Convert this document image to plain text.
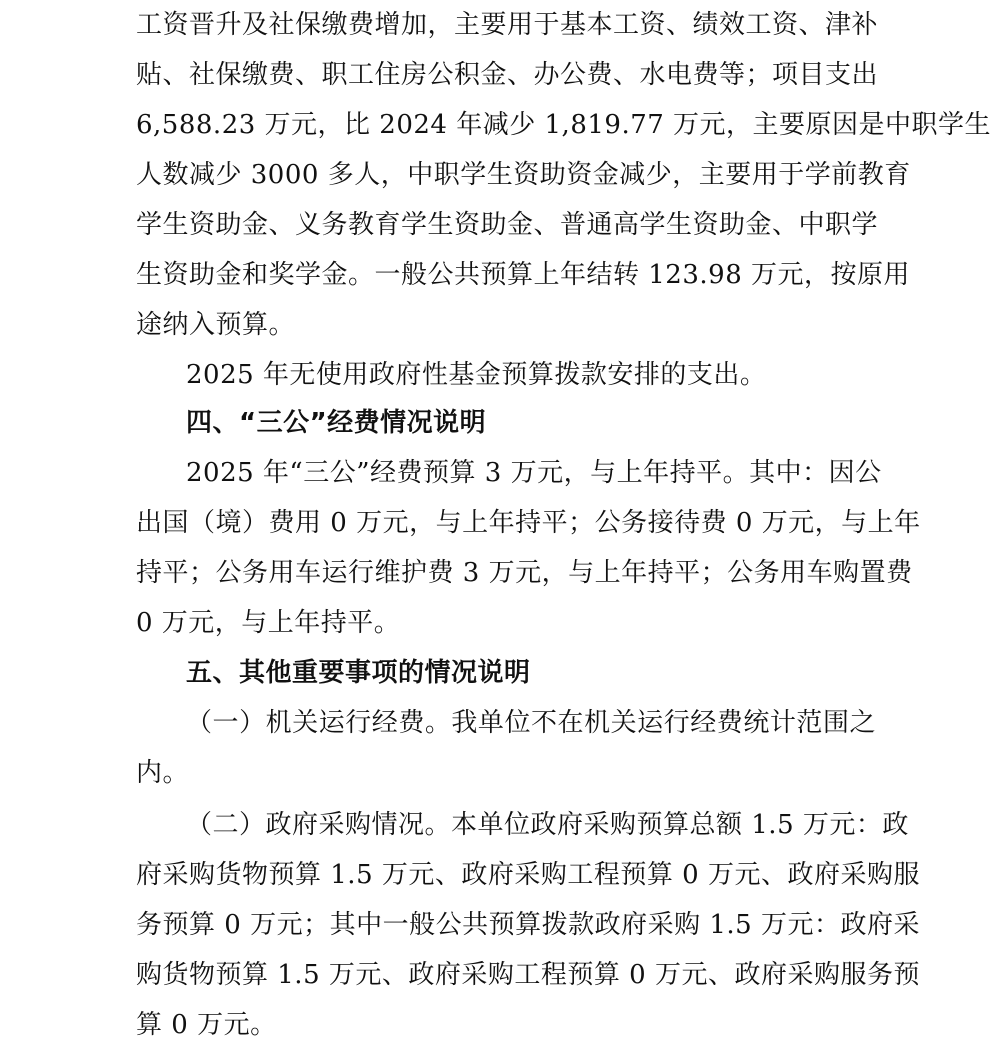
工资晋升及社保缴费增加，主要用于基本工资、绩效工资、津补
贴、社保缴费、职工住房公积金、办公费、水电费等；项目支出
6,588.23 万元，比 2024 年减少 1,819.77 万元，主要原因是中职学生
人数减少 3000 多人，中职学生资助资金减少，主要用于学前教育
学生资助金、义务教育学生资助金、普通高学生资助金、中职学
生资助金和奖学金。一般公共预算上年结转 123.98 万元，按原用
途纳入预算。
2025 年无使用政府性基金预算拨款安排的支出。
四、“三公”经费情况说明
2025 年“三公”经费预算 3 万元，与上年持平。其中：因公
出国（境）费用 0 万元，与上年持平；公务接待费 0 万元，与上年
持平；公务用车运行维护费 3 万元，与上年持平；公务用车购置费
0 万元，与上年持平。
五、其他重要事项的情况说明
（一）机关运行经费。我单位不在机关运行经费统计范围之
内。
（二）政府采购情况。本单位政府采购预算总额 1.5 万元：政
府采购货物预算 1.5 万元、政府采购工程预算 0 万元、政府采购服
务预算 0 万元；其中一般公共预算拨款政府采购 1.5 万元：政府采
购货物预算 1.5 万元、政府采购工程预算 0 万元、政府采购服务预
算 0 万元。
